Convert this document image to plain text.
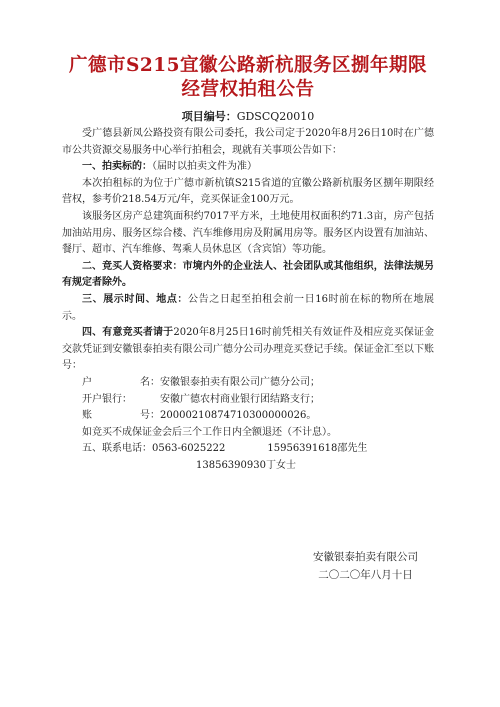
广德市S215宜徽公路新杭服务区捌年期限
经营权拍租公告
项目编号：GDSCQ20010

受广德县新凤公路投资有限公司委托，我公司定于2020年8月26日10时在广德市公共资源交易服务中心举行拍租会，现就有关事项公告如下：

一、拍卖标的：（届时以拍卖文件为准）

本次拍租标的为位于广德市新杭镇S215省道的宜徽公路新杭服务区捌年期限经营权，参考价218.54万元/年，竞买保证金100万元。

该服务区房产总建筑面积约7017平方米，土地使用权面积约71.3亩，房产包括加油站用房、服务区综合楼、汽车维修用房及附属用房等。服务区内设置有加油站、餐厅、超市、汽车维修、驾乘人员休息区（含宾馆）等功能。

二、竞买人资格要求：市境内外的企业法人、社会团队或其他组织，法律法规另有规定者除外。

三、展示时间、地点：公告之日起至拍租会前一日16时前在标的物所在地展示。

四、有意竞买者请于2020年8月25日16时前凭相关有效证件及相应竞买保证金交款凭证到安徽银泰拍卖有限公司广德分公司办理竞买登记手续。保证金汇至以下账号：

户	名： 安徽银泰拍卖有限公司广德分公司；
开户银行：	安徽广德农村商业银行团结路支行；
账	号： 20000210874710300000026。

如竞买不成保证金会后三个工作日内全额退还（不计息）。

五、联系电话：0563-6025222	15956391618邵先生
13856390930丁女士
安徽银泰拍卖有限公司
二〇二〇年八月十日
